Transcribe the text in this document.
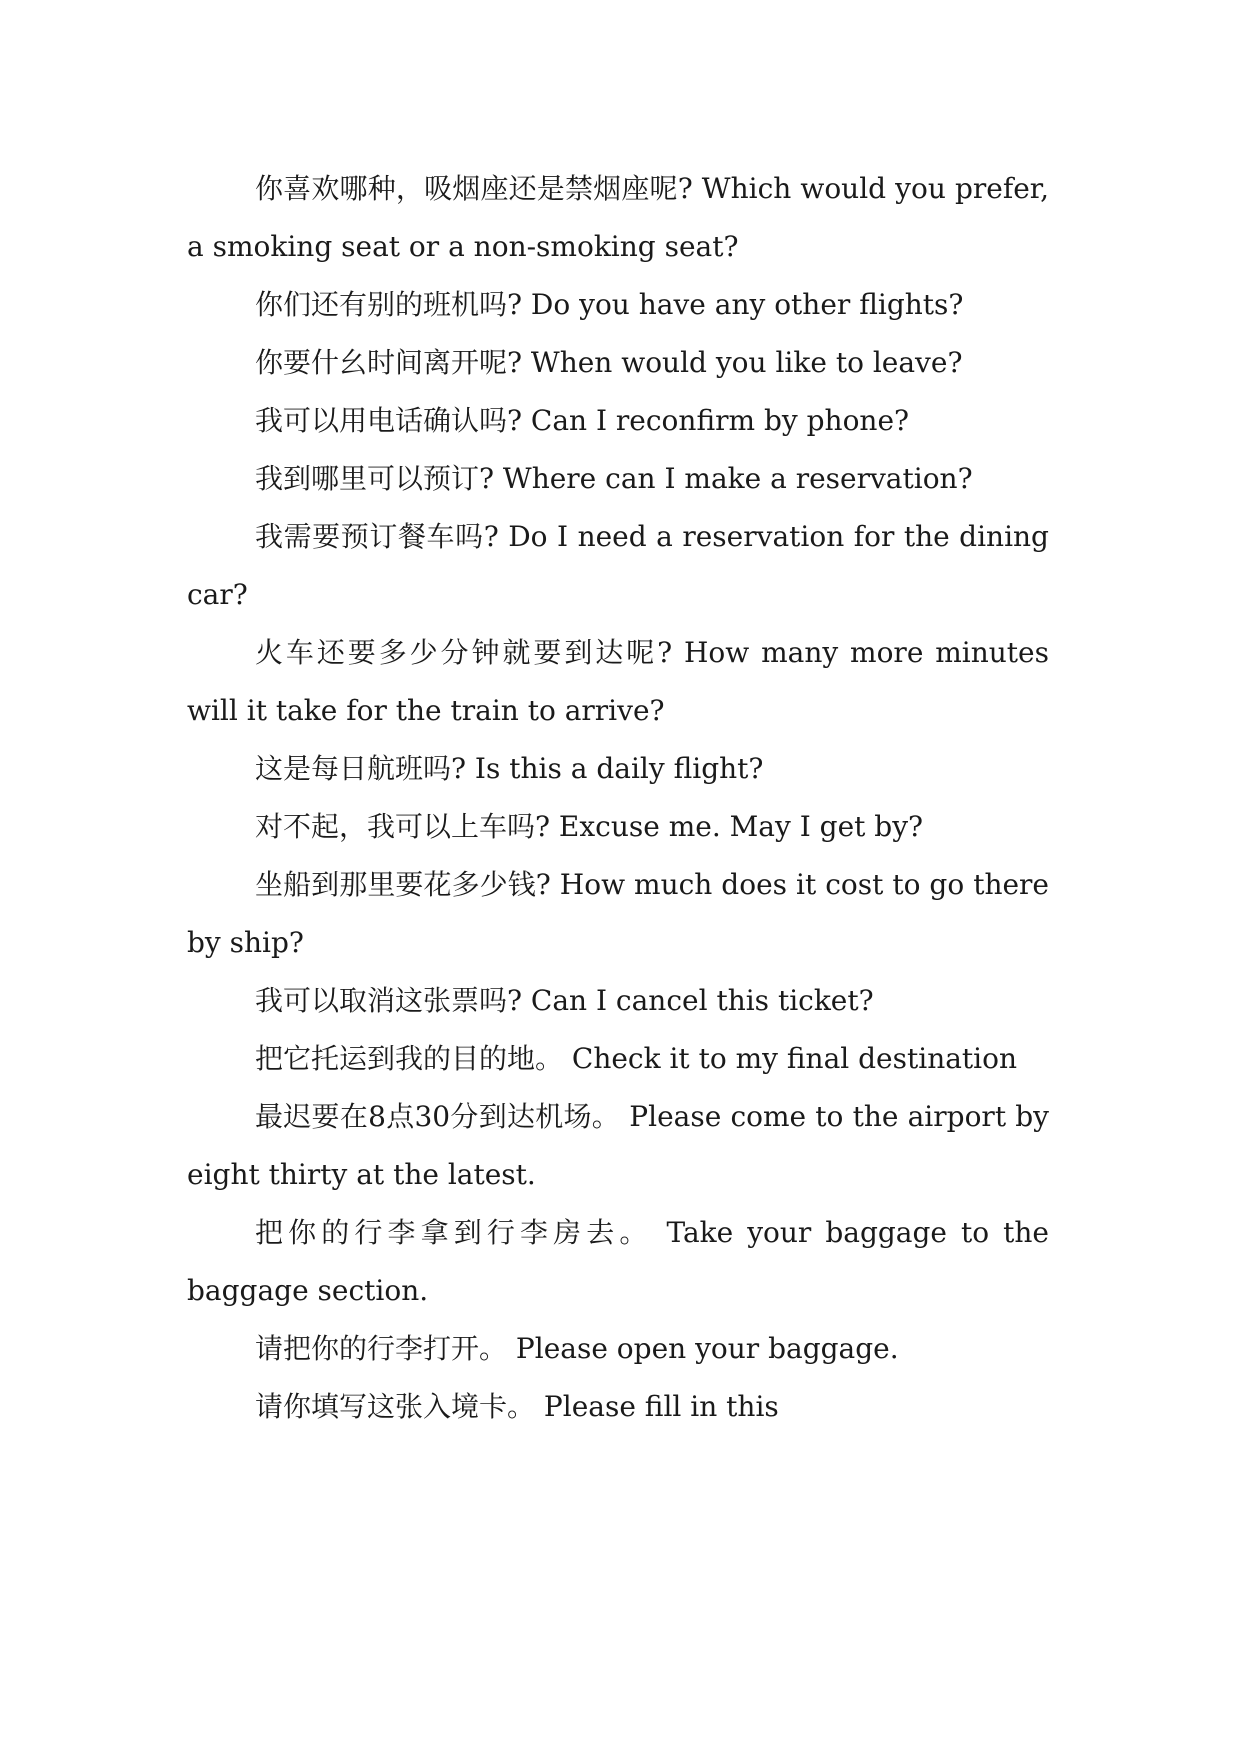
你喜欢哪种，吸烟座还是禁烟座呢? Which would you prefer, a smoking seat or a non-smoking seat?

你们还有别的班机吗? Do you have any other flights?

你要什幺时间离开呢? When would you like to leave?

我可以用电话确认吗? Can I reconfirm by phone?

我到哪里可以预订? Where can I make a reservation?

我需要预订餐车吗? Do I need a reservation for the dining car?

火车还要多少分钟就要到达呢? How many more minutes will it take for the train to arrive?

这是每日航班吗? Is this a daily flight?

对不起，我可以上车吗? Excuse me. May I get by?

坐船到那里要花多少钱? How much does it cost to go there by ship?

我可以取消这张票吗? Can I cancel this ticket?

把它托运到我的目的地。 Check it to my final destination

最迟要在8点30分到达机场。 Please come to the airport by eight thirty at the latest.

把你的行李拿到行李房去。 Take your baggage to the baggage section.

请把你的行李打开。 Please open your baggage.

请你填写这张入境卡。 Please fill in this
